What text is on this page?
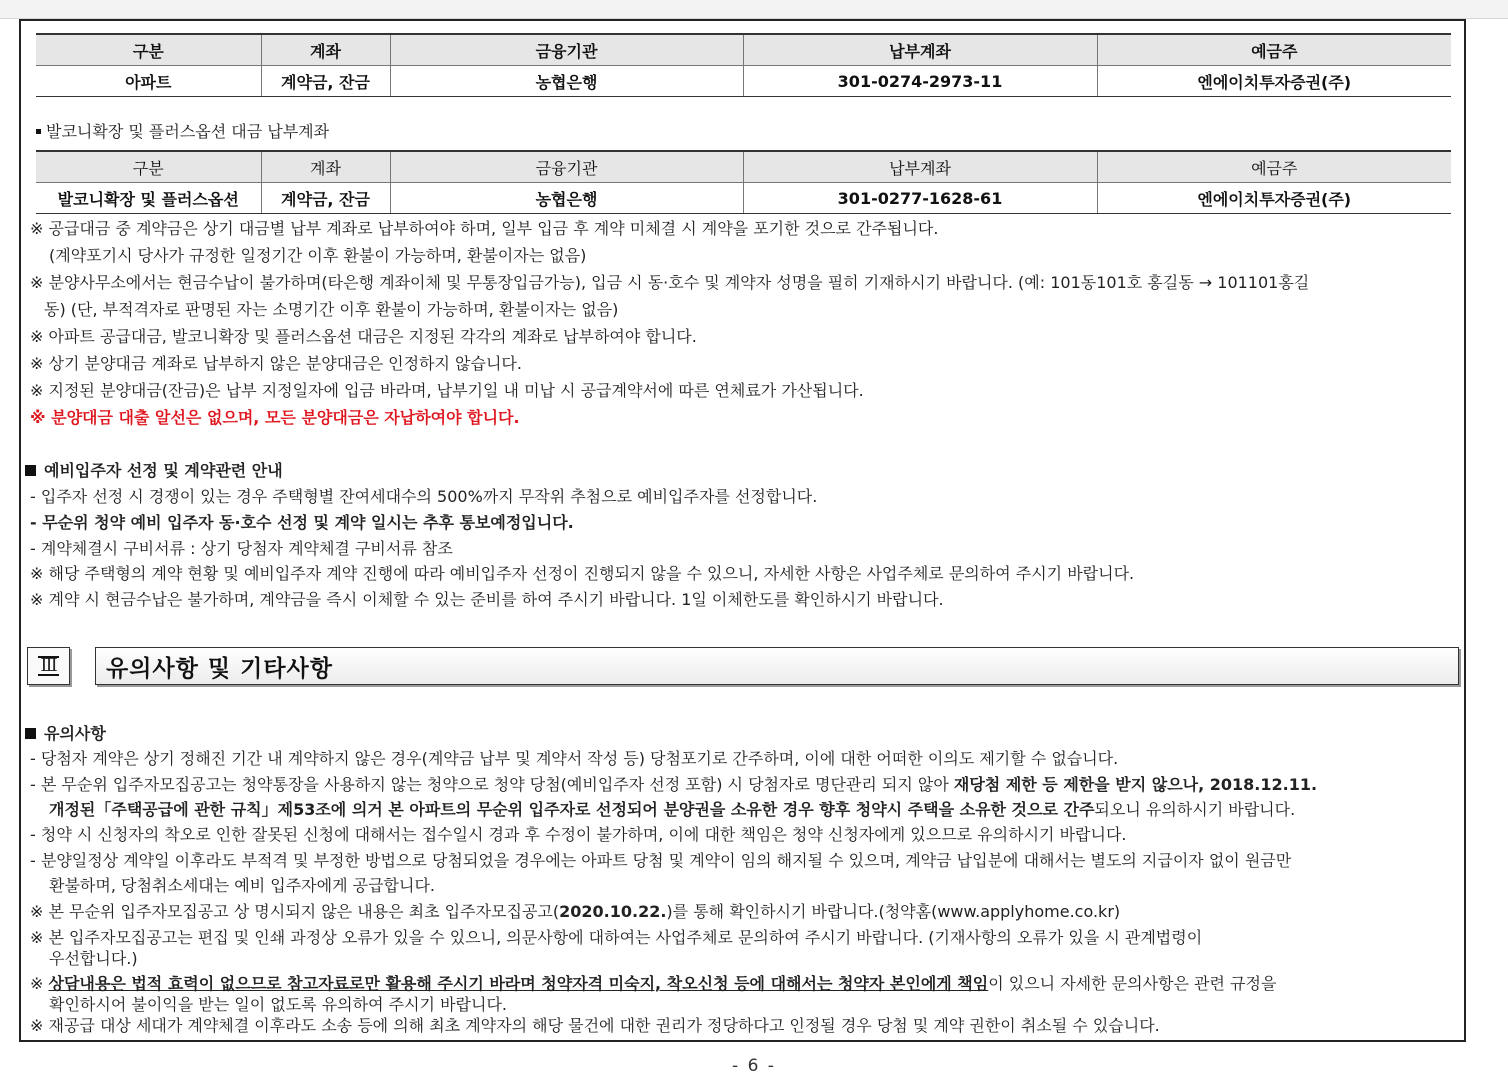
구분	계좌	금융기관	납부계좌	예금주
아파트	계약금, 잔금	농협은행	301-0274-2973-11	엔에이치투자증권(주)
발코니확장 및 플러스옵션 대금 납부계좌
구분	계좌	금융기관	납부계좌	예금주
발코니확장 및 플러스옵션	계약금, 잔금	농협은행	301-0277-1628-61	엔에이치투자증권(주)
※ 공급대금 중 계약금은 상기 대금별 납부 계좌로 납부하여야 하며, 일부 입금 후 계약 미체결 시 계약을 포기한 것으로 간주됩니다.
(계약포기시 당사가 규정한 일정기간 이후 환불이 가능하며, 환불이자는 없음)
※ 분양사무소에서는 현금수납이 불가하며(타은행 계좌이체 및 무통장입금가능), 입금 시 동·호수 및 계약자 성명을 필히 기재하시기 바랍니다. (예: 101동101호 홍길동 → 101101홍길
동) (단, 부적격자로 판명된 자는 소명기간 이후 환불이 가능하며, 환불이자는 없음)
※ 아파트 공급대금, 발코니확장 및 플러스옵션 대금은 지정된 각각의 계좌로 납부하여야 합니다.
※ 상기 분양대금 계좌로 납부하지 않은 분양대금은 인정하지 않습니다.
※ 지정된 분양대금(잔금)은 납부 지정일자에 입금 바라며, 납부기일 내 미납 시 공급계약서에 따른 연체료가 가산됩니다.
※ 분양대금 대출 알선은 없으며, 모든 분양대금은 자납하여야 합니다.
예비입주자 선정 및 계약관련 안내
- 입주자 선정 시 경쟁이 있는 경우 주택형별 잔여세대수의 500%까지 무작위 추첨으로 예비입주자를 선정합니다.
- 무순위 청약 예비 입주자 동·호수 선정 및 계약 일시는 추후 통보예정입니다.
- 계약체결시 구비서류 : 상기 당첨자 계약체결 구비서류 참조
※ 해당 주택형의 계약 현황 및 예비입주자 계약 진행에 따라 예비입주자 선정이 진행되지 않을 수 있으니, 자세한 사항은 사업주체로 문의하여 주시기 바랍니다.
※ 계약 시 현금수납은 불가하며, 계약금을 즉시 이체할 수 있는 준비를 하여 주시기 바랍니다. 1일 이체한도를 확인하시기 바랍니다.
Ⅲ 유의사항 및 기타사항
유의사항
- 당첨자 계약은 상기 정해진 기간 내 계약하지 않은 경우(계약금 납부 및 계약서 작성 등) 당첨포기로 간주하며, 이에 대한 어떠한 이의도 제기할 수 없습니다.
- 본 무순위 입주자모집공고는 청약통장을 사용하지 않는 청약으로 청약 당첨(예비입주자 선정 포함) 시 당첨자로 명단관리 되지 않아 재당첨 제한 등 제한을 받지 않으나, 2018.12.11.
개정된「주택공급에 관한 규칙」제53조에 의거 본 아파트의 무순위 입주자로 선정되어 분양권을 소유한 경우 향후 청약시 주택을 소유한 것으로 간주되오니 유의하시기 바랍니다.
- 청약 시 신청자의 착오로 인한 잘못된 신청에 대해서는 접수일시 경과 후 수정이 불가하며, 이에 대한 책임은 청약 신청자에게 있으므로 유의하시기 바랍니다.
- 분양일정상 계약일 이후라도 부적격 및 부정한 방법으로 당첨되었을 경우에는 아파트 당첨 및 계약이 임의 해지될 수 있으며, 계약금 납입분에 대해서는 별도의 지급이자 없이 원금만
환불하며, 당첨취소세대는 예비 입주자에게 공급합니다.
※ 본 무순위 입주자모집공고 상 명시되지 않은 내용은 최초 입주자모집공고(2020.10.22.)를 통해 확인하시기 바랍니다.(청약홈(www.applyhome.co.kr)
※ 본 입주자모집공고는 편집 및 인쇄 과정상 오류가 있을 수 있으니, 의문사항에 대하여는 사업주체로 문의하여 주시기 바랍니다. (기재사항의 오류가 있을 시 관계법령이
우선합니다.)
※ 상담내용은 법적 효력이 없으므로 참고자료로만 활용해 주시기 바라며 청약자격 미숙지, 착오신청 등에 대해서는 청약자 본인에게 책임이 있으니 자세한 문의사항은 관련 규정을
확인하시어 불이익을 받는 일이 없도록 유의하여 주시기 바랍니다.
※ 재공급 대상 세대가 계약체결 이후라도 소송 등에 의해 최초 계약자의 해당 물건에 대한 권리가 정당하다고 인정될 경우 당첨 및 계약 권한이 취소될 수 있습니다.
- 6 -
